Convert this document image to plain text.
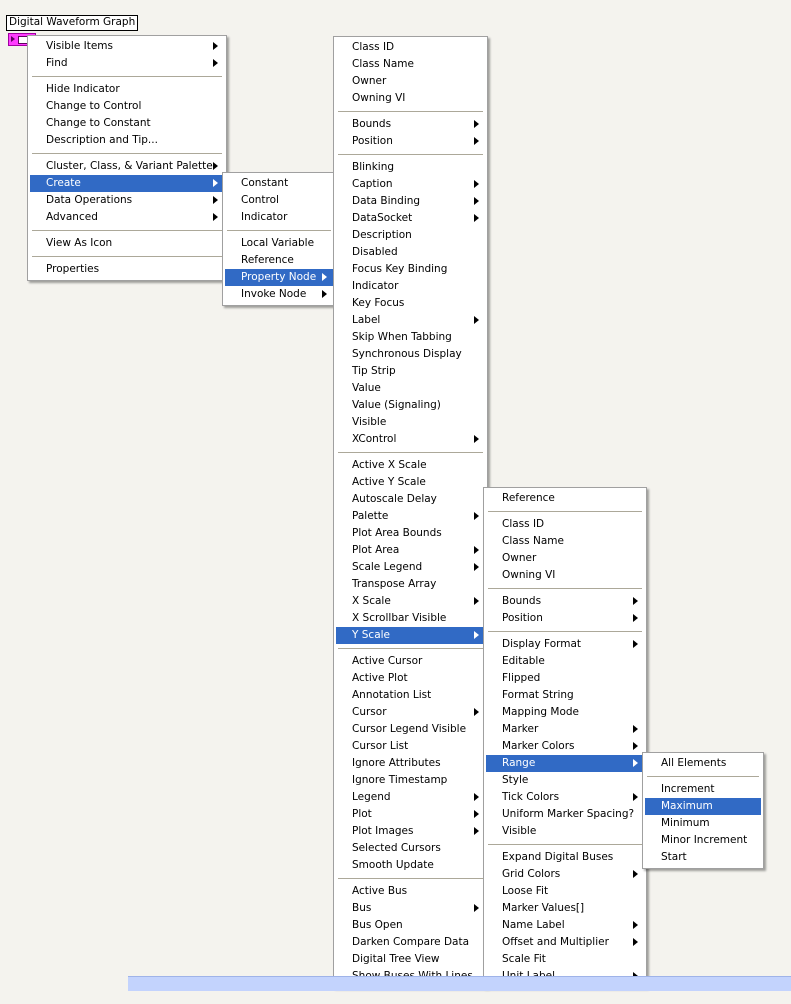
Digital Waveform Graph
Visible Items
Find
Hide Indicator
Change to Control
Change to Constant
Description and Tip...
Cluster, Class, & Variant Palette
Create
Data Operations
Advanced
View As Icon
Properties
Constant
Control
Indicator
Local Variable
Reference
Property Node
Invoke Node
Class ID
Class Name
Owner
Owning VI
Bounds
Position
Blinking
Caption
Data Binding
DataSocket
Description
Disabled
Focus Key Binding
Indicator
Key Focus
Label
Skip When Tabbing
Synchronous Display
Tip Strip
Value
Value (Signaling)
Visible
XControl
Active X Scale
Active Y Scale
Autoscale Delay
Palette
Plot Area Bounds
Plot Area
Scale Legend
Transpose Array
X Scale
X Scrollbar Visible
Y Scale
Active Cursor
Active Plot
Annotation List
Cursor
Cursor Legend Visible
Cursor List
Ignore Attributes
Ignore Timestamp
Legend
Plot
Plot Images
Selected Cursors
Smooth Update
Active Bus
Bus
Bus Open
Darken Compare Data
Digital Tree View
Reference
Class ID
Class Name
Owner
Owning VI
Bounds
Position
Display Format
Editable
Flipped
Format String
Mapping Mode
Marker
Marker Colors
Range
Style
Tick Colors
Uniform Marker Spacing?
Visible
Expand Digital Buses
Grid Colors
Loose Fit
Marker Values[]
Name Label
Offset and Multiplier
Scale Fit
All Elements
Increment
Maximum
Minimum
Minor Increment
Start
